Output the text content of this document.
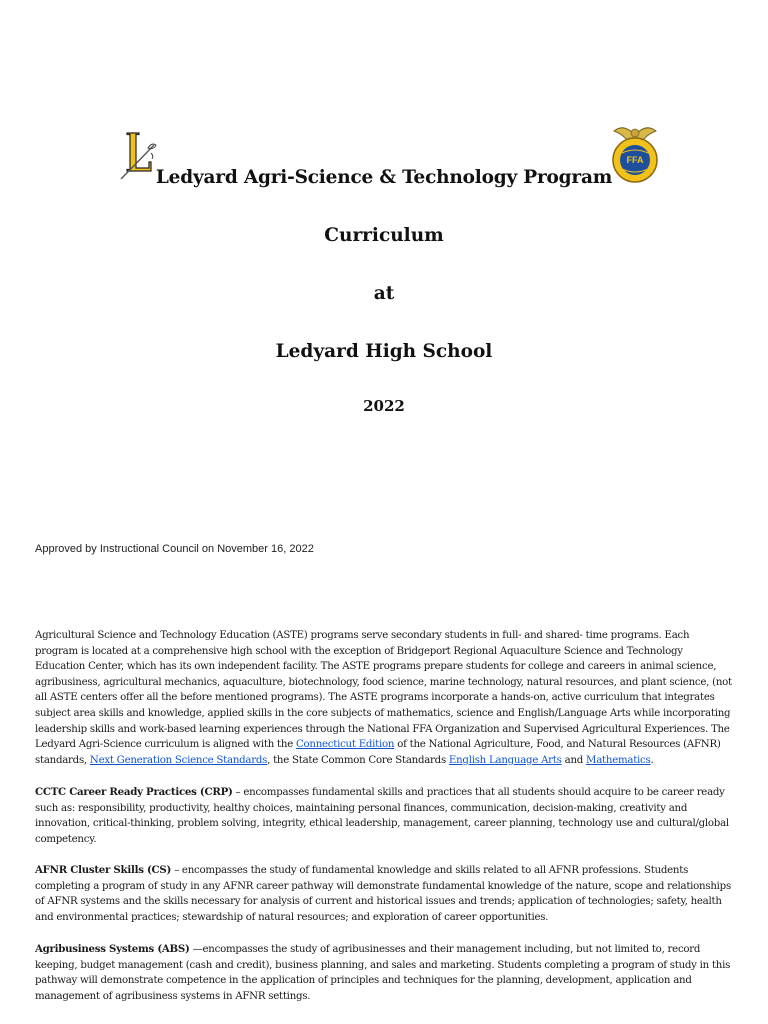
FFA
Ledyard Agri-Science & Technology Program
Curriculum
at
Ledyard High School
2022
Approved by Instructional Council on November 16, 2022
Agricultural Science and Technology Education (ASTE) programs serve secondary students in full- and shared- time programs. Each program is located at a comprehensive high school with the exception of Bridgeport Regional Aquaculture Science and Technology Education Center, which has its own independent facility. The ASTE programs prepare students for college and careers in animal science, agribusiness, agricultural mechanics, aquaculture, biotechnology, food science, marine technology, natural resources, and plant science, (not all ASTE centers offer all the before mentioned programs). The ASTE programs incorporate a hands-on, active curriculum that integrates subject area skills and knowledge, applied skills in the core subjects of mathematics, science and English/Language Arts while incorporating leadership skills and work-based learning experiences through the National FFA Organization and Supervised Agricultural Experiences. The Ledyard Agri-Science curriculum is aligned with the Connecticut Edition of the National Agriculture, Food, and Natural Resources (AFNR) standards, Next Generation Science Standards, the State Common Core Standards English Language Arts and Mathematics.
CCTC Career Ready Practices (CRP) – encompasses fundamental skills and practices that all students should acquire to be career ready such as: responsibility, productivity, healthy choices, maintaining personal finances, communication, decision-making, creativity and innovation, critical-thinking, problem solving, integrity, ethical leadership, management, career planning, technology use and cultural/global competency.
AFNR Cluster Skills (CS) – encompasses the study of fundamental knowledge and skills related to all AFNR professions. Students completing a program of study in any AFNR career pathway will demonstrate fundamental knowledge of the nature, scope and relationships of AFNR systems and the skills necessary for analysis of current and historical issues and trends; application of technologies; safety, health and environmental practices; stewardship of natural resources; and exploration of career opportunities.
Agribusiness Systems (ABS) —encompasses the study of agribusinesses and their management including, but not limited to, record keeping, budget management (cash and credit), business planning, and sales and marketing. Students completing a program of study in this pathway will demonstrate competence in the application of principles and techniques for the planning, development, application and management of agribusiness systems in AFNR settings.
